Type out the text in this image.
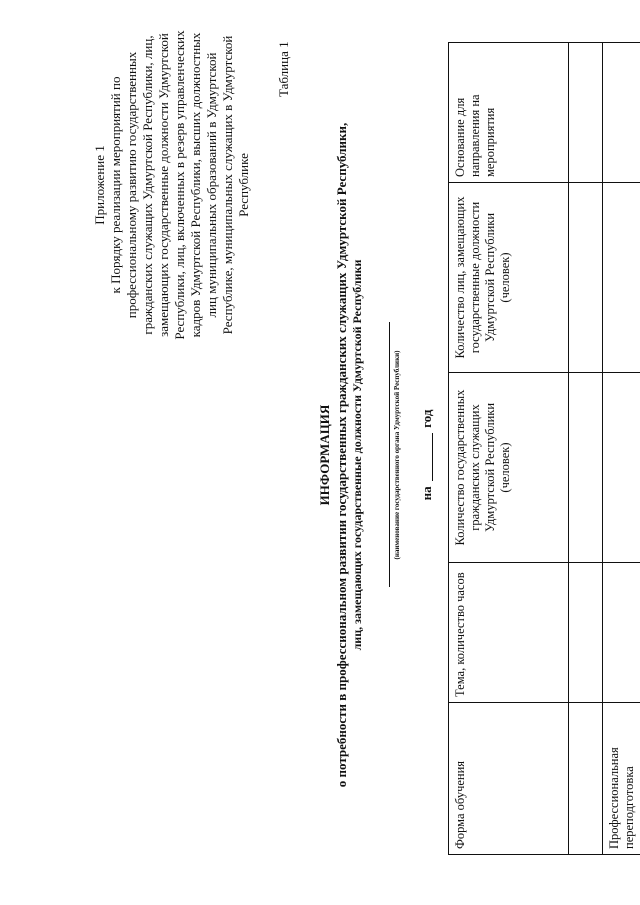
Приложение 1 к Порядку реализации мероприятий по профессиональному развитию государственных гражданских служащих Удмуртской Республики, лиц, замещающих государственные должности Удмуртской Республики, лиц, включенных в резерв управленческих кадров Удмуртской Республики, высших должностных лиц муниципальных образований в Удмуртской Республике, муниципальных служащих в Удмуртской Республике
Таблица 1
ИНФОРМАЦИЯ о потребности в профессиональном развитии государственных гражданских служащих Удмуртской Республики, лиц, замещающих государственные должности Удмуртской Республики	(наименование государственного органа Удмуртской Республики) на  год
Форма обучения	Тема, количество часов	Количество государственных гражданских служащих Удмуртской Республики (человек)	Количество лиц, замещающих государственные должности Удмуртской Республики (человек)	Основание для направления на мероприятия

Профессиональная переподготовка				
